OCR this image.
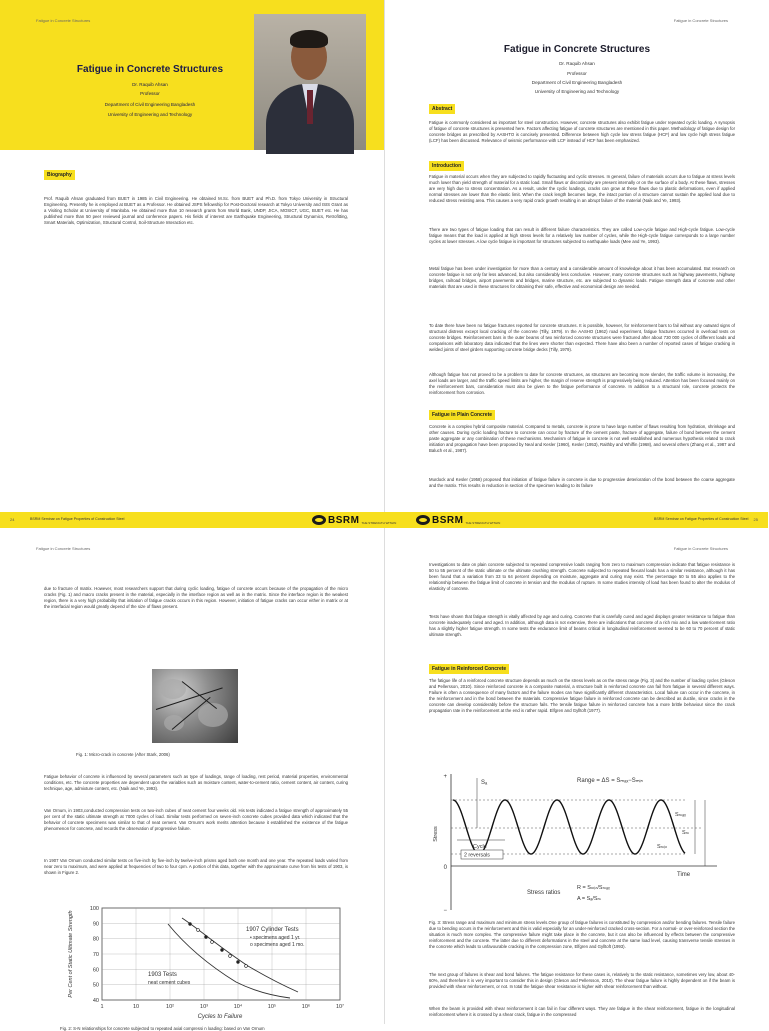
Fatigue in Concrete Structures
Fatigue in Concrete Structures
Dr. Raquib Ahsan
Professor
Department of Civil Engineering Bangladesh
University of Engineering and Technology
Biography
Prof. Raquib Ahsan graduated from BUET in 1985 in Civil Engineering. He obtained M.Sc. from BUET and Ph.D. from Tokyo University in Structural Engineering. Presently he is employed at BUET as a Professor. He obtained JSPS fellowship for Post-Doctoral research at Tokyo University and ISIS Grant as a Visiting Scholar at University of Manitoba. He obtained more than 10 research grants from World Bank, UNDP, JICA, MOSICT, UGC, BUET etc. He has published more than 50 peer reviewed journal and conference papers. His fields of interest are Earthquake Engineering, Structural Dynamics, Retrofitting, Smart Materials, Optimization, Structural Control, Soil-Structure Interaction etc.
Fatigue in Concrete Structures
Fatigue in Concrete Structures
Dr. Raquib Ahsan
Professor
Department of Civil Engineering Bangladesh
University of Engineering and Technology
Abstract
Fatigue is commonly considered as important for steel construction. However, concrete structures also exhibit fatigue under repeated cyclic loading. A synopsis of fatigue of concrete structures is presented here. Factors affecting fatigue of concrete structures are mentioned in this paper. Methodology of fatigue design for concrete bridges as prescribed by AASHTO is concisely presented. Difference between high cycle low stress fatigue (HCF) and low cycle high stress fatigue (LCF) has been discussed. Relevance of seismic performance with LCF instead of HCF has been emphasized.
Introduction
Fatigue in material occurs when they are subjected to rapidly fluctuating and cyclic stresses. In general, failure of materials occurs due to fatigue at stress levels much lower than yield strength of material for a static load. Small flaws or discontinuity are present internally or on the surface of a body. At these flaws, stresses are very high due to stress concentration. As a result, under the cyclic loadings, cracks can grow at these flaws due to plastic deformations, even if applied normal stresses are lower than the elastic limit. When the crack length becomes large, the intact portion of a structure cannot sustain the applied load due to reduced stress resisting area. This causes a very rapid crack growth resulting in an abrupt failure of the material (Naik and Ye, 1993).
There are two types of fatigue loading that can result in different failure characteristics. They are called Low-cycle fatigue and High-cycle fatigue. Low-cycle fatigue means that the load is applied at high stress levels for a relatively low number of cycles, while the High-cycle fatigue corresponds to a large number cycles at lower stresses. A low cycle fatigue is important for structures subjected to earthquake loads (Mee and Ye, 1993).
Metal fatigue has been under investigation for more than a century and a considerable amount of knowledge about it has been accumulated. But research on concrete fatigue is not only far less advanced, but also considerably less conclusive. However, many concrete structures such as highway pavements, highway bridges, railroad bridges, airport pavements and bridges, marine structure, etc. are subjected to dynamic loads. Fatigue strength data of concrete and other materials that are used in these structures for obtaining their safe, effective and economical design are needed.
To date there have been no fatigue fractures reported for concrete structures. It is possible, however, for reinforcement bars to fail without any outward signs of structural distress except local cracking of the concrete (Tilly, 1979). In the AASHO (1962) road experiment, fatigue fractures occurred in overload tests on concrete bridges. Reinforcement bars in the outer beams of two reinforced concrete structures were fractured after about 730 000 cycles of different loads and comparisons with laboratory data indicated that the lines were shorter than expected. There have also been a number of reported cases of fatigue cracking in welded joints of steel girders supporting concrete bridge decks (Tilly, 1979).
Although fatigue has not proved to be a problem to date for concrete structures, as structures are becoming more slender, the traffic volume is increasing, the axel loads are larger, and the traffic speed limits are higher, the margin of reserve strength is progressively being reduced. Attention has been focused mainly on the reinforcement bars, consideration must also be given to the fatigue performance of concrete. In addition to a structural role, concrete protects the reinforcement from corrosion.
Fatigue in Plain Concrete
Concrete is a complex hybrid composite material. Compared to metals, concrete is prone to have large number of flaws resulting from hydration, shrinkage and other causes. During cyclic loading fracture to concrete can occur by fracture of the cement paste, fracture of aggregate, failure of bond between the cement paste aggregate or any combination of these mechanisms. Mechanism of fatigue in concrete is not well established and numerous hypothesis related to crack initiation and propagation have been proposed by Neal and Kesler (1960), Kesler (1953), Raithby and Whiffin (1968), and several others (Zhang et al., 1987 and Baluch et al., 1987).
Murdock and Kesler (1958) proposed that initiation of fatigue failure in concrete is due to progressive deterioration of the bond between the coarse aggregate and the matrix. This results in reduction in section of the specimen leading to its failure
24	BSRM Seminar on Fatigue Properties of Construction Steel	BSRM THE STRENGTH WITHIN	BSRM THE STRENGTH WITHIN
BSRM Seminar on Fatigue Properties of Construction Steel 25
Fatigue in Concrete Structures
due to fracture of matrix. However, most researchers support that during cyclic loading, fatigue of concrete occurs because of the propagation of the micro cracks (Fig. 1) and macro cracks present in the material, especially in the interface region as well as in the matrix. Since the interface region is the weakest region, there is a very high probability that initiation of fatigue cracks occurs in this region. However, initiation of fatigue cracks can occur either in matrix or at the interfacial region would greatly depend of the size of flaws present.
Fig. 1: Micro-crack in concrete (After Stark, 2006)
Fatigue behavior of concrete is influenced by several parameters such as type of loadings, range of loading, rest period, material properties, environmental conditions, etc. The concrete properties are dependent upon the variables such as moisture content, water-to-cement ratio, cement content, air content, curing technique, age, admixture content, etc. (Naik and Ye, 1993).
Van Ornum, in 1903,conducted compression tests on two-inch cubes of neat cement four weeks old. His tests indicated a fatigue strength of approximately 55 per cent of the static ultimate strength at 7000 cycles of load. Similar tests performed on seven-inch concrete cubes provided data which indicated that the behavior of concrete specimens was similar to that of neat cement. Van Ornum's work merits attention because it established the existence of the fatigue phenomenon for concrete, and records the observation of progressive failure.
In 1907 Van Ornum conducted similar tests on five-inch by five-inch by twelve-inch prisms aged both one month and one year. The repeated loads varied from near zero to maximum, and were applied at frequencies of two to four cpm. A portion of this data, together with the approximate curve from his tests of 1903, is shown in Figure 2.
100
90
80
70
60
50
40
1	10	10²	10³	10⁴	10⁵	10⁶	10⁷
Per Cent of Static Ultimate Strength
Cycles to Failure
1907 Cylinder Tests
• specimens aged 1 yr.
o specimens aged 1 mo.
1903 Tests
neat cement cubes
Fig. 2: S-N relationships for concrete subjected to repeated axial compressi n loading: based on Van Ornum
Fatigue in Concrete Structures
Investigations to date on plain concrete subjected to repeated compressive loads ranging from zero to maximum compression indicate that fatigue resistance is 50 to 55 percent of the static ultimate or the ultimate crushing strength. Concrete subjected to repeated flexural loads has a similar resistance, although it has been found that a variation from 33 to 64 percent depending on moisture, aggregate and curing may exist. The percentage 50 to 55 also applies to the relationship between the fatigue limit of concrete in tension and the modulus of rupture. In some studies intensity of load has been found to alter the modulus of elasticity of concrete.
Tests have shown that fatigue strength is vitally affected by age and curing. Concrete that is carefully cured and aged displays greater resistance to fatigue than concrete inadequately cured and aged. In addition, although data is not extensive, there are indications that concrete of a rich mix and a low water/cement ratio has a slightly higher fatigue strength. In some tests the endurance limit of beams critical in longitudinal reinforcement seemed to be 60 to 70 percent of static ultimate strength.
Fatigue in Reinforced Concrete
The fatigue life of a reinforced concrete structure depends as much on the stress levels as on the stress range (Fig. 3) and the number of loading cycles (Gleson and Pellersson, 2010). Since reinforced concrete is a composite material, a structure built in reinforced concrete can fail from fatigue in several different ways. Failure is often a consequence of many factors and the failure modes can have significantly different characteristics. Local failure can occur in the concrete, in the reinforcement and in the bond between the materials. Compressive fatigue failure in reinforced concrete can be described as ductile, since cracks in the concrete can develop considerably before the structure fails. The tensile fatigue failure in reinforced concrete has a more brittle behaviour since the crack propagation rate in the reinforcement at the end is rather rapid. Elfgren and Gylltoft (1977).
+
0
−
Stress
Time
Sₐ	Range = ΔS = Sₘₐₓ−Sₘᵢₙ
Sₘₐₓ
Sₘᵢₙ
Sₘ
Cycle
2 reversals
Stress ratios
R = Sₘᵢₙ/Sₘₐₓ
A = Sₐ/Sₘ
Fig. 3: Stress range and maximum and minimum stress levels.One group of fatigue failures is constituted by compression and/or bending failures. Tensile failure due to bending occurs in the reinforcement and this is valid especially for an under-reinforced cracked cross-section. For a normal- or over-reinforced section the situation is much more complex. The compressive failure might take place in the concrete, but it can also be influenced by effects between the compressive reinforcement and the concrete. The latter due to different deformations in the steel and concrete at the same load level, causing transverse tensile stresses in the concrete which leads to unfavourable cracking in the compression zone, Elfgren and Gylltoft (1993).
The next group of failures is shear and bond failures. The fatigue resistance for these cases is, relatively to the static resistance, sometimes very low, about 40-60%, and therefore it is very important to consider this in design (Gleson and Pellersson, 2010). The shear fatigue failure is highly dependent on if the beam is provided with shear reinforcement, or not. In total the fatigue shear resistance is higher with shear reinforcement than without.
When the beam is provided with shear reinforcement it can fail in four different ways. They are fatigue in the shear reinforcement, fatigue in the longitudinal reinforcement where it is crossed by a shear crack, fatigue in the compressed
